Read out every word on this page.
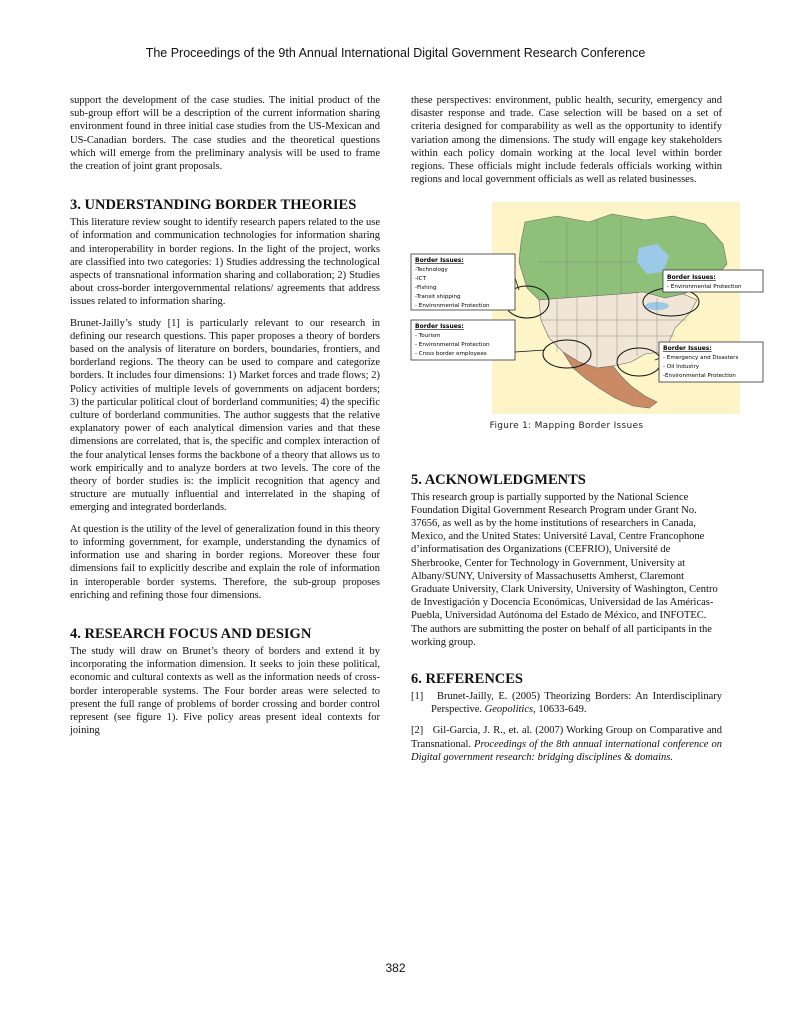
The Proceedings of the 9th Annual International Digital Government Research Conference

support the development of the case studies. The initial product of the sub-group effort will be a description of the current information sharing environment found in three initial case studies from the US-Mexican and US-Canadian borders. The case studies and the theoretical questions which will emerge from the preliminary analysis will be used to frame the creation of joint grant proposals.

3. UNDERSTANDING BORDER THEORIES

This literature review sought to identify research papers related to the use of information and communication technologies for information sharing and interoperability in border regions. In the light of the project, works are classified into two categories: 1) Studies addressing the technological aspects of transnational information sharing and collaboration; 2) Studies about cross-border intergovernmental relations/ agreements that address issues related to information sharing.

Brunet-Jailly’s study [1] is particularly relevant to our research in defining our research questions. This paper proposes a theory of borders based on the analysis of literature on borders, boundaries, frontiers, and borderland regions. The theory can be used to compare and categorize borders. It includes four dimensions: 1) Market forces and trade flows; 2) Policy activities of multiple levels of governments on adjacent borders; 3) the particular political clout of borderland communities; 4) the specific culture of borderland communities. The author suggests that the relative explanatory power of each analytical dimension varies and that these dimensions are correlated, that is, the specific and complex interaction of the four analytical lenses forms the backbone of a theory that allows us to work empirically and to analyze borders at two levels. The core of the theory of border studies is: the implicit recognition that agency and structure are mutually influential and interrelated in the shaping of emerging and integrated borderlands.

At question is the utility of the level of generalization found in this theory to informing government, for example, understanding the dynamics of information use and sharing in border regions. Moreover these four dimensions fail to explicitly describe and explain the role of information in interoperable border systems. Therefore, the sub-group proposes enriching and refining those four dimensions.

4. RESEARCH FOCUS AND DESIGN

The study will draw on Brunet’s theory of borders and extend it by incorporating the information dimension. It seeks to join these political, economic and cultural contexts as well as the information needs of cross-border interoperable systems. The Four border areas were selected to present the full range of problems of border crossing and border control represent (see figure 1). Five policy areas present ideal contexts for joining

these perspectives: environment, public health, security, emergency and disaster response and trade. Case selection will be based on a set of criteria designed for comparability as well as the opportunity to identify variation among the dimensions. The study will engage key stakeholders within each policy domain working at the local level within border regions. These officials might include federals officials working within regions and local government officials as well as related businesses.

Border Issues:
-Technology
-ICT
-Fishing
-Transit shipping
- Environmental Protection
Border Issues:
- Environmental Protection
Border Issues:
- Tourism
- Environmental Protection
- Cross border employees
Border Issues:
- Emergency and Disasters
- Oil Industry
-Environmental Protection
Figure 1: Mapping Border Issues
5. ACKNOWLEDGMENTS

This research group is partially supported by the National Science Foundation Digital Government Research Program under Grant No. 37656, as well as by the home institutions of researchers in Canada, Mexico, and the United States: Université Laval, Centre Francophone d’informatisation des Organizations (CEFRIO), Université de Sherbrooke, Center for Technology in Government, University at Albany/SUNY, University of Massachusetts Amherst, Claremont Graduate University, Clark University, University of Washington, Centro de Investigación y Docencia Económicas, Universidad de las Américas-Puebla, Universidad Autónoma del Estado de México, and INFOTEC. The authors are submitting the poster on behalf of all participants in the working group.

6. REFERENCES

[1] Brunet-Jailly, E. (2005) Theorizing Borders: An Interdisciplinary Perspective. Geopolitics, 10633-649.

[2] Gil-Garcia, J. R., et. al. (2007) Working Group on Comparative and Transnational. Proceedings of the 8th annual international conference on Digital government research: bridging disciplines & domains.

382
